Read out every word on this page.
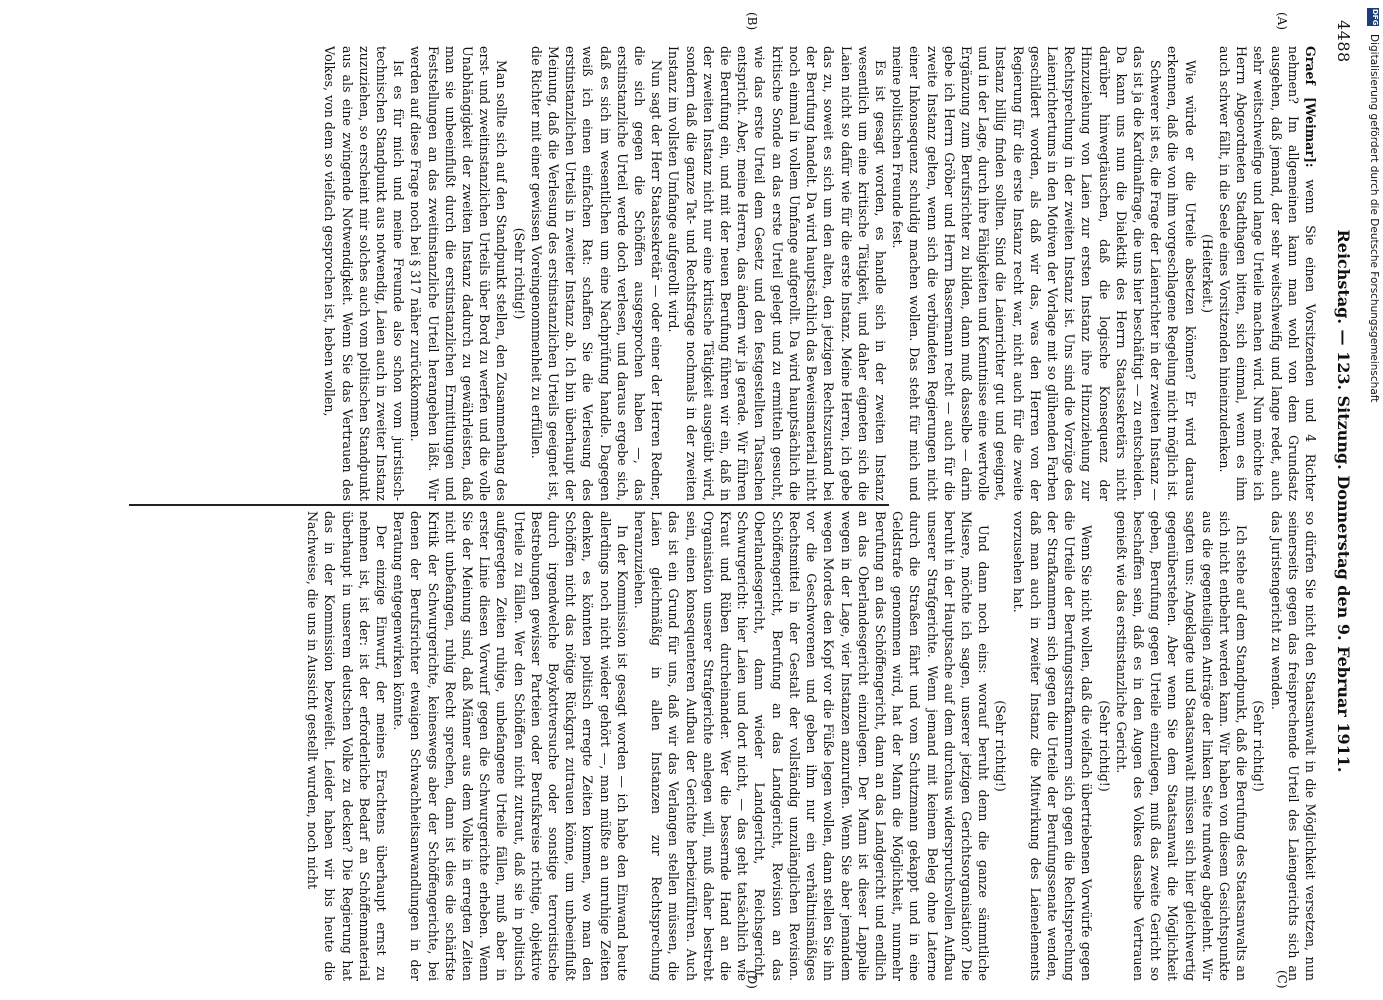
4488
Reichstag. — 123. Sitzung. Donnerstag den 9. Februar 1911.
(A)
(B)
(C)
(D)

Graef [Weimar]: wenn Sie einen Vorsitzenden und 4 Richter nehmen? Im allgemeinen kann man wohl von dem Grundsatz ausgehen, daß jemand, der sehr weitschweifig und lange redet, auch sehr weitschweifige und lange Urteile machen wird. Nun möchte ich Herrn Abgeordneten Stadthagen bitten, sich einmal, wenn es ihm auch schwer fällt, in die Seele eines Vorsitzenden hineinzudenken.

(Heiterkeit.)

Wie würde er die Urteile absetzen können? Er wird daraus erkennen, daß die von ihm vorgeschlagene Regelung nicht möglich ist.

Schwerer ist es, die Frage der Laienrichter in der zweiten Instanz — das ist ja die Kardinalfrage, die uns hier beschäftigt — zu entscheiden. Da kann uns nun die Dialektik des Herrn Staatssekretärs nicht darüber hinwegtäuschen, daß die logische Konsequenz der Hinzuziehung von Laien zur ersten Instanz ihre Hinzuziehung zur Rechtsprechung in der zweiten Instanz ist. Uns sind die Vorzüge des Laienrichtertums in den Motiven der Vorlage mit so glühenden Farben geschildert worden, als daß wir das, was den Herren von der Regierung für die erste Instanz recht war, nicht auch für die zweite Instanz billig finden sollten. Sind die Laienrichter gut und geeignet, und in der Lage, durch ihre Fähigkeiten und Kenntnisse eine wertvolle Ergänzung zum Berufsrichter zu bilden, dann muß dasselbe — darin gebe ich Herrn Gröber und Herrn Bassermann recht — auch für die zweite Instanz gelten, wenn sich die verbündeten Regierungen nicht einer Inkonsequenz schuldig machen wollen. Das steht für mich und meine politischen Freunde fest.

Es ist gesagt worden, es handle sich in der zweiten Instanz wesentlich um eine kritische Tätigkeit, und daher eigneten sich die Laien nicht so dafür wie für die erste Instanz. Meine Herren, ich gebe das zu, soweit es sich um den alten, den jetzigen Rechtszustand bei der Berufung handelt. Da wird hauptsächlich das Beweismaterial nicht noch einmal in vollem Umfange aufgerollt. Da wird hauptsächlich die kritische Sonde an das erste Urteil gelegt und zu ermitteln gesucht, wie das erste Urteil dem Gesetz und den festgestellten Tatsachen entspricht. Aber, meine Herren, das ändern wir ja gerade. Wir führen die Berufung ein, und mit der neuen Berufung führen wir ein, daß in der zweiten Instanz nicht nur eine kritische Tätigkeit ausgeübt wird, sondern daß die ganze Tat- und Rechtsfrage nochmals in der zweiten Instanz im vollsten Umfange aufgerollt wird.

Nun sagt der Herr Staatssekretär — oder einer der Herren Redner, die sich gegen die Schöffen ausgesprochen haben —, das erstinstanzliche Urteil werde doch verlesen, und daraus ergebe sich, daß es sich im wesentlichen um eine Nachprüfung handle. Dagegen weiß ich einen einfachen Rat: schaffen Sie die Verlesung des erstinstanzlichen Urteils in zweiter Instanz ab. Ich bin überhaupt der Meinung, daß die Verlesung des erstinstanzlichen Urteils geeignet ist, die Richter mit einer gewissen Voreingenommenheit zu erfüllen.

(Sehr richtig!)

Man sollte sich auf den Standpunkt stellen, den Zusammenhang des erst- und zweitinstanzlichen Urteils über Bord zu werfen und die volle Unabhängigkeit der zweiten Instanz dadurch zu gewährleisten, daß man sie unbeeinflußt durch die erstinstanzlichen Ermittlungen und Feststellungen an das zweitinstanzliche Urteil herangehen läßt. Wir werden auf diese Frage noch bei § 317 näher zurückkommen.

Ist es für mich und meine Freunde also schon vom juristisch-technischen Standpunkt aus notwendig, Laien auch in zweiter Instanz zuzuziehen, so erscheint mir solches auch vom politischen Standpunkt aus als eine zwingende Notwendigkeit. Wenn Sie das Vertrauen des Volkes, von dem so vielfach gesprochen ist, heben wollen,

so dürfen Sie nicht den Staatsanwalt in die Möglichkeit versetzen, nun seinerseits gegen das freisprechende Urteil des Laiengerichts sich an das Juristengericht zu wenden.

(Sehr richtig!)

Ich stehe auf dem Standpunkt, daß die Berufung des Staatsanwalts an sich nicht entbehrt werden kann. Wir haben von diesem Gesichtspunkte aus die gegenteiligen Anträge der linken Seite rundweg abgelehnt. Wir sagten uns: Angeklagte und Staatsanwalt müssen sich hier gleichwertig gegenüberstehen. Aber wenn Sie dem Staatsanwalt die Möglichkeit geben, Berufung gegen Urteile einzulegen, muß das zweite Gericht so beschaffen sein, daß es in den Augen des Volkes dasselbe Vertrauen genießt wie das erstinstanzliche Gericht.

(Sehr richtig!)

Wenn Sie nicht wollen, daß die vielfach übertriebenen Vorwürfe gegen die Urteile der Berufungsstrafkammern sich gegen die Rechtsprechung der Strafkammern sich gegen die Urteile der Berufungssenate wenden, daß man auch in zweiter Instanz die Mitwirkung des Laienelements vorzusehen hat.

(Sehr richtig!)

Und dann noch eins: worauf beruht denn die ganze sämmtliche Misere, möchte ich sagen, unserer jetzigen Gerichtsorganisation? Die beruht in der Hauptsache auf dem durchaus widerspruchsvollen Aufbau unserer Strafgerichte. Wenn jemand mit keinem Beleg ohne Laterne durch die Straßen fährt und vom Schutzmann gekappt und in eine Geldstrafe genommen wird, hat der Mann die Möglichkeit, nunmehr Berufung an das Schöffengericht, dann an das Landgericht und endlich an das Oberlandesgericht einzulegen. Der Mann ist dieser Lappalie wegen in der Lage, vier Instanzen anzurufen. Wenn Sie aber jemandem wegen Mordes den Kopf vor die Füße legen wollen, dann stellen Sie ihn vor die Geschworenen und geben ihm nur ein verhältnismäßiges Rechtsmittel in der Gestalt der vollständig unzulänglichen Revision. Schöffengericht, Berufung an das Landgericht, Revision an das Oberlandesgericht, dann wieder Landgericht, Reichsgericht, Schwurgericht: hier Laien und dort nicht, — das geht tatsächlich wie Kraut und Rüben durcheinander. Wer die bessernde Hand an die Organisation unserer Strafgerichte anlegen will, muß daher bestrebt sein, einen konsequenteren Aufbau der Gerichte herbeizuführen. Auch das ist ein Grund für uns, daß wir das Verlangen stellen müssen, die Laien gleichmäßig in allen Instanzen zur Rechtsprechung heranzuziehen.

In der Kommission ist gesagt worden — ich habe den Einwand heute allerdings noch nicht wieder gehört —, man müßte an unruhige Zeiten denken, es könnten politisch erregte Zeiten kommen, wo man den Schöffen nicht das nötige Rückgrat zutrauen könne, um unbeeinflußt durch irgendwelche Boykottversuche oder sonstige terroristische Bestrebungen gewisser Parteien oder Berufskreise richtige, objektive Urteile zu fällen. Wer den Schöffen nicht zutraut, daß sie in politisch aufgeregten Zeiten ruhige, unbefangene Urteile fällen, muß aber in erster Linie diesen Vorwurf gegen die Schwurgerichte erheben. Wenn Sie der Meinung sind, daß Männer aus dem Volke in erregten Zeiten nicht unbefangen, ruhig Recht sprechen, dann ist dies die schärfste Kritik der Schwurgerichte, keineswegs aber der Schöffengerichte, bei denen der Berufsrichter etwaigen Schwachheitsanwandlungen in der Beratung entgegenwirken könnte.

Der einzige Einwurf, der meines Erachtens überhaupt ernst zu nehmen ist, ist der: ist der erforderliche Bedarf an Schöffenmaterial überhaupt in unserem deutschen Volke zu decken? Die Regierung hat das in der Kommission bezweifelt. Leider haben wir bis heute die Nachweise, die uns in Aussicht gestellt wurden, noch nicht

DFG
Digitalisierung gefördert durch die Deutsche Forschungsgemeinschaft
